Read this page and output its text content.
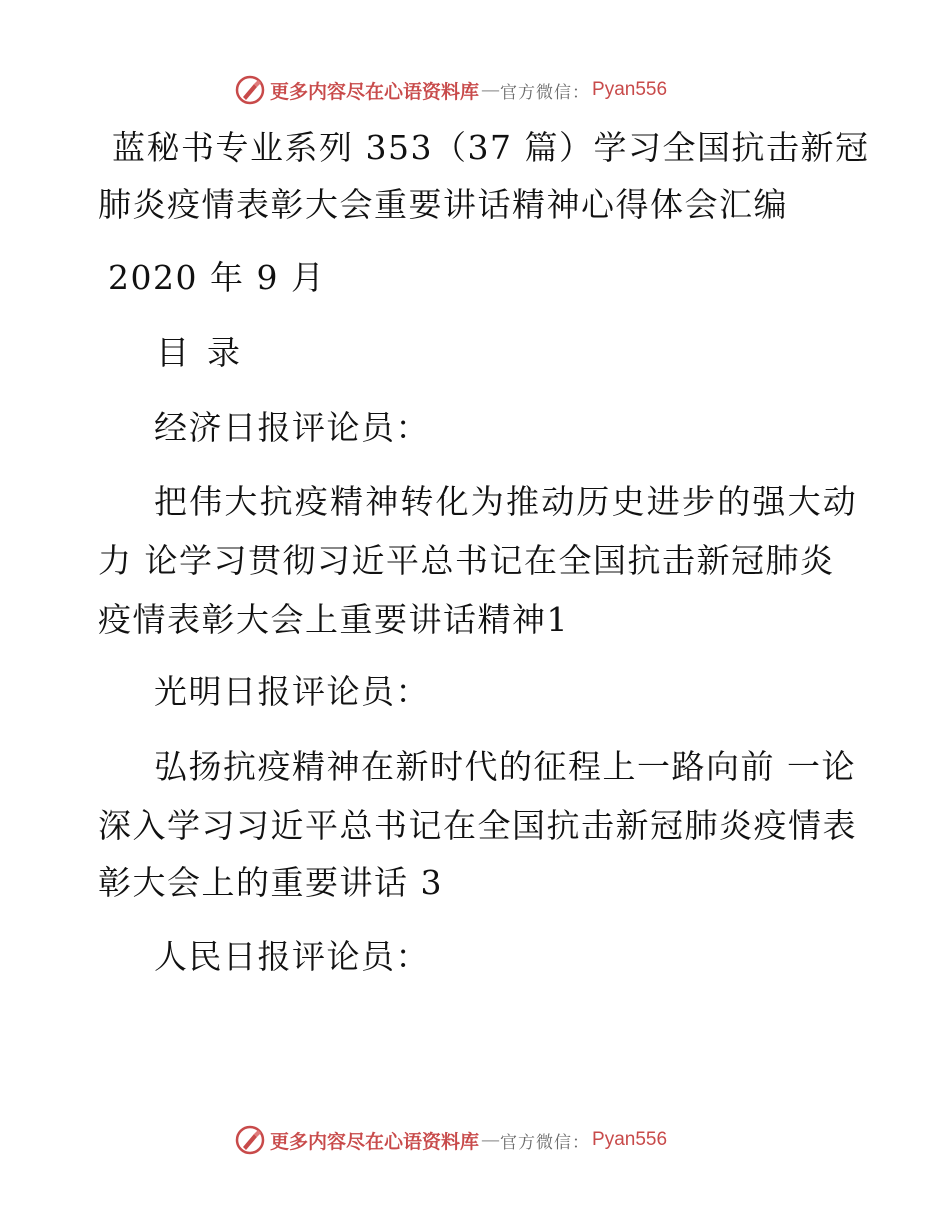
更多内容尽在心语资料库 — 官方微信： Pyan556
蓝秘书专业系列 353（37 篇）学习全国抗击新冠
肺炎疫情表彰大会重要讲话精神心得体会汇编
2020 年 9 月
目录
经济日报评论员：
把伟大抗疫精神转化为推动历史进步的强大动
力 论学习贯彻习近平总书记在全国抗击新冠肺炎
疫情表彰大会上重要讲话精神1
光明日报评论员：
弘扬抗疫精神在新时代的征程上一路向前 一论
深入学习习近平总书记在全国抗击新冠肺炎疫情表
彰大会上的重要讲话 3
人民日报评论员：
更多内容尽在心语资料库 — 官方微信： Pyan556
